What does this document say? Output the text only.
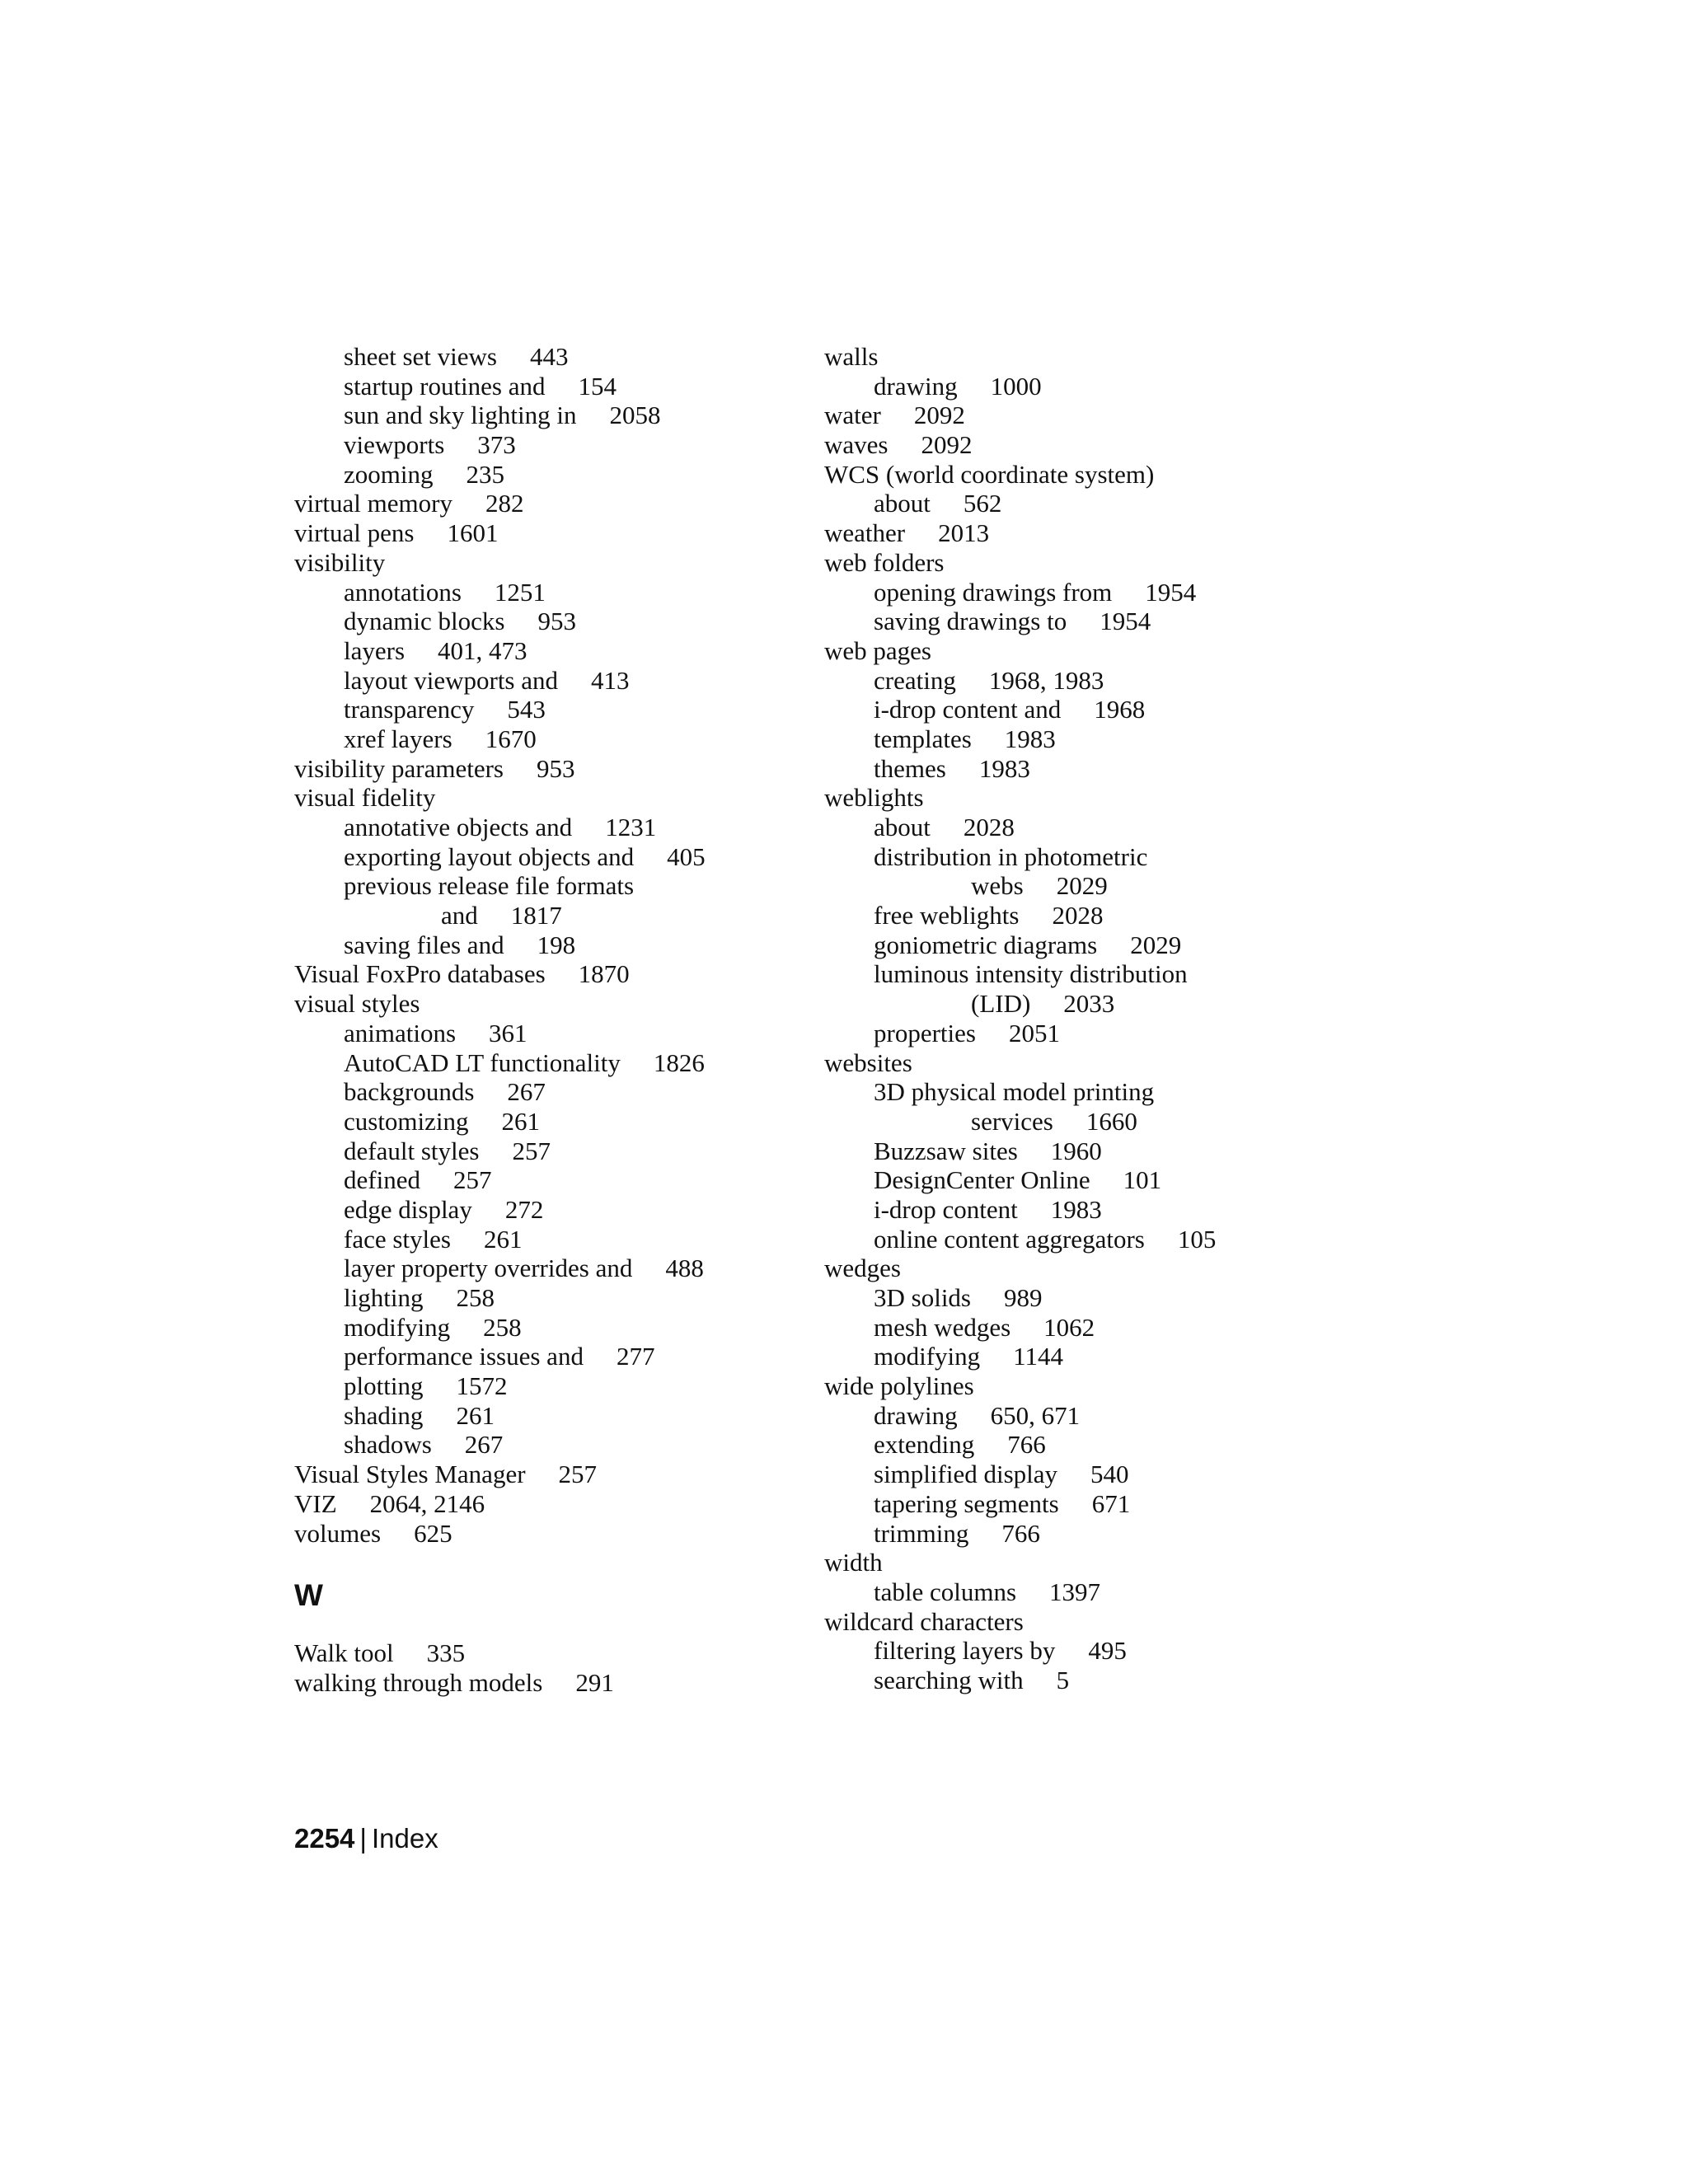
sheet set views 443
startup routines and 154
sun and sky lighting in 2058
viewports 373
zooming 235
virtual memory 282
virtual pens 1601
visibility
annotations 1251
dynamic blocks 953
layers 401, 473
layout viewports and 413
transparency 543
xref layers 1670
visibility parameters 953
visual fidelity
annotative objects and 1231
exporting layout objects and 405
previous release file formats
and 1817
saving files and 198
Visual FoxPro databases 1870
visual styles
animations 361
AutoCAD LT functionality 1826
backgrounds 267
customizing 261
default styles 257
defined 257
edge display 272
face styles 261
layer property overrides and 488
lighting 258
modifying 258
performance issues and 277
plotting 1572
shading 261
shadows 267
Visual Styles Manager 257
VIZ 2064, 2146
volumes 625
W
Walk tool 335
walking through models 291
walls
drawing 1000
water 2092
waves 2092
WCS (world coordinate system)
about 562
weather 2013
web folders
opening drawings from 1954
saving drawings to 1954
web pages
creating 1968, 1983
i-drop content and 1968
templates 1983
themes 1983
weblights
about 2028
distribution in photometric
webs 2029
free weblights 2028
goniometric diagrams 2029
luminous intensity distribution
(LID) 2033
properties 2051
websites
3D physical model printing
services 1660
Buzzsaw sites 1960
DesignCenter Online 101
i-drop content 1983
online content aggregators 105
wedges
3D solids 989
mesh wedges 1062
modifying 1144
wide polylines
drawing 650, 671
extending 766
simplified display 540
tapering segments 671
trimming 766
width
table columns 1397
wildcard characters
filtering layers by 495
searching with 5
2254 | Index
